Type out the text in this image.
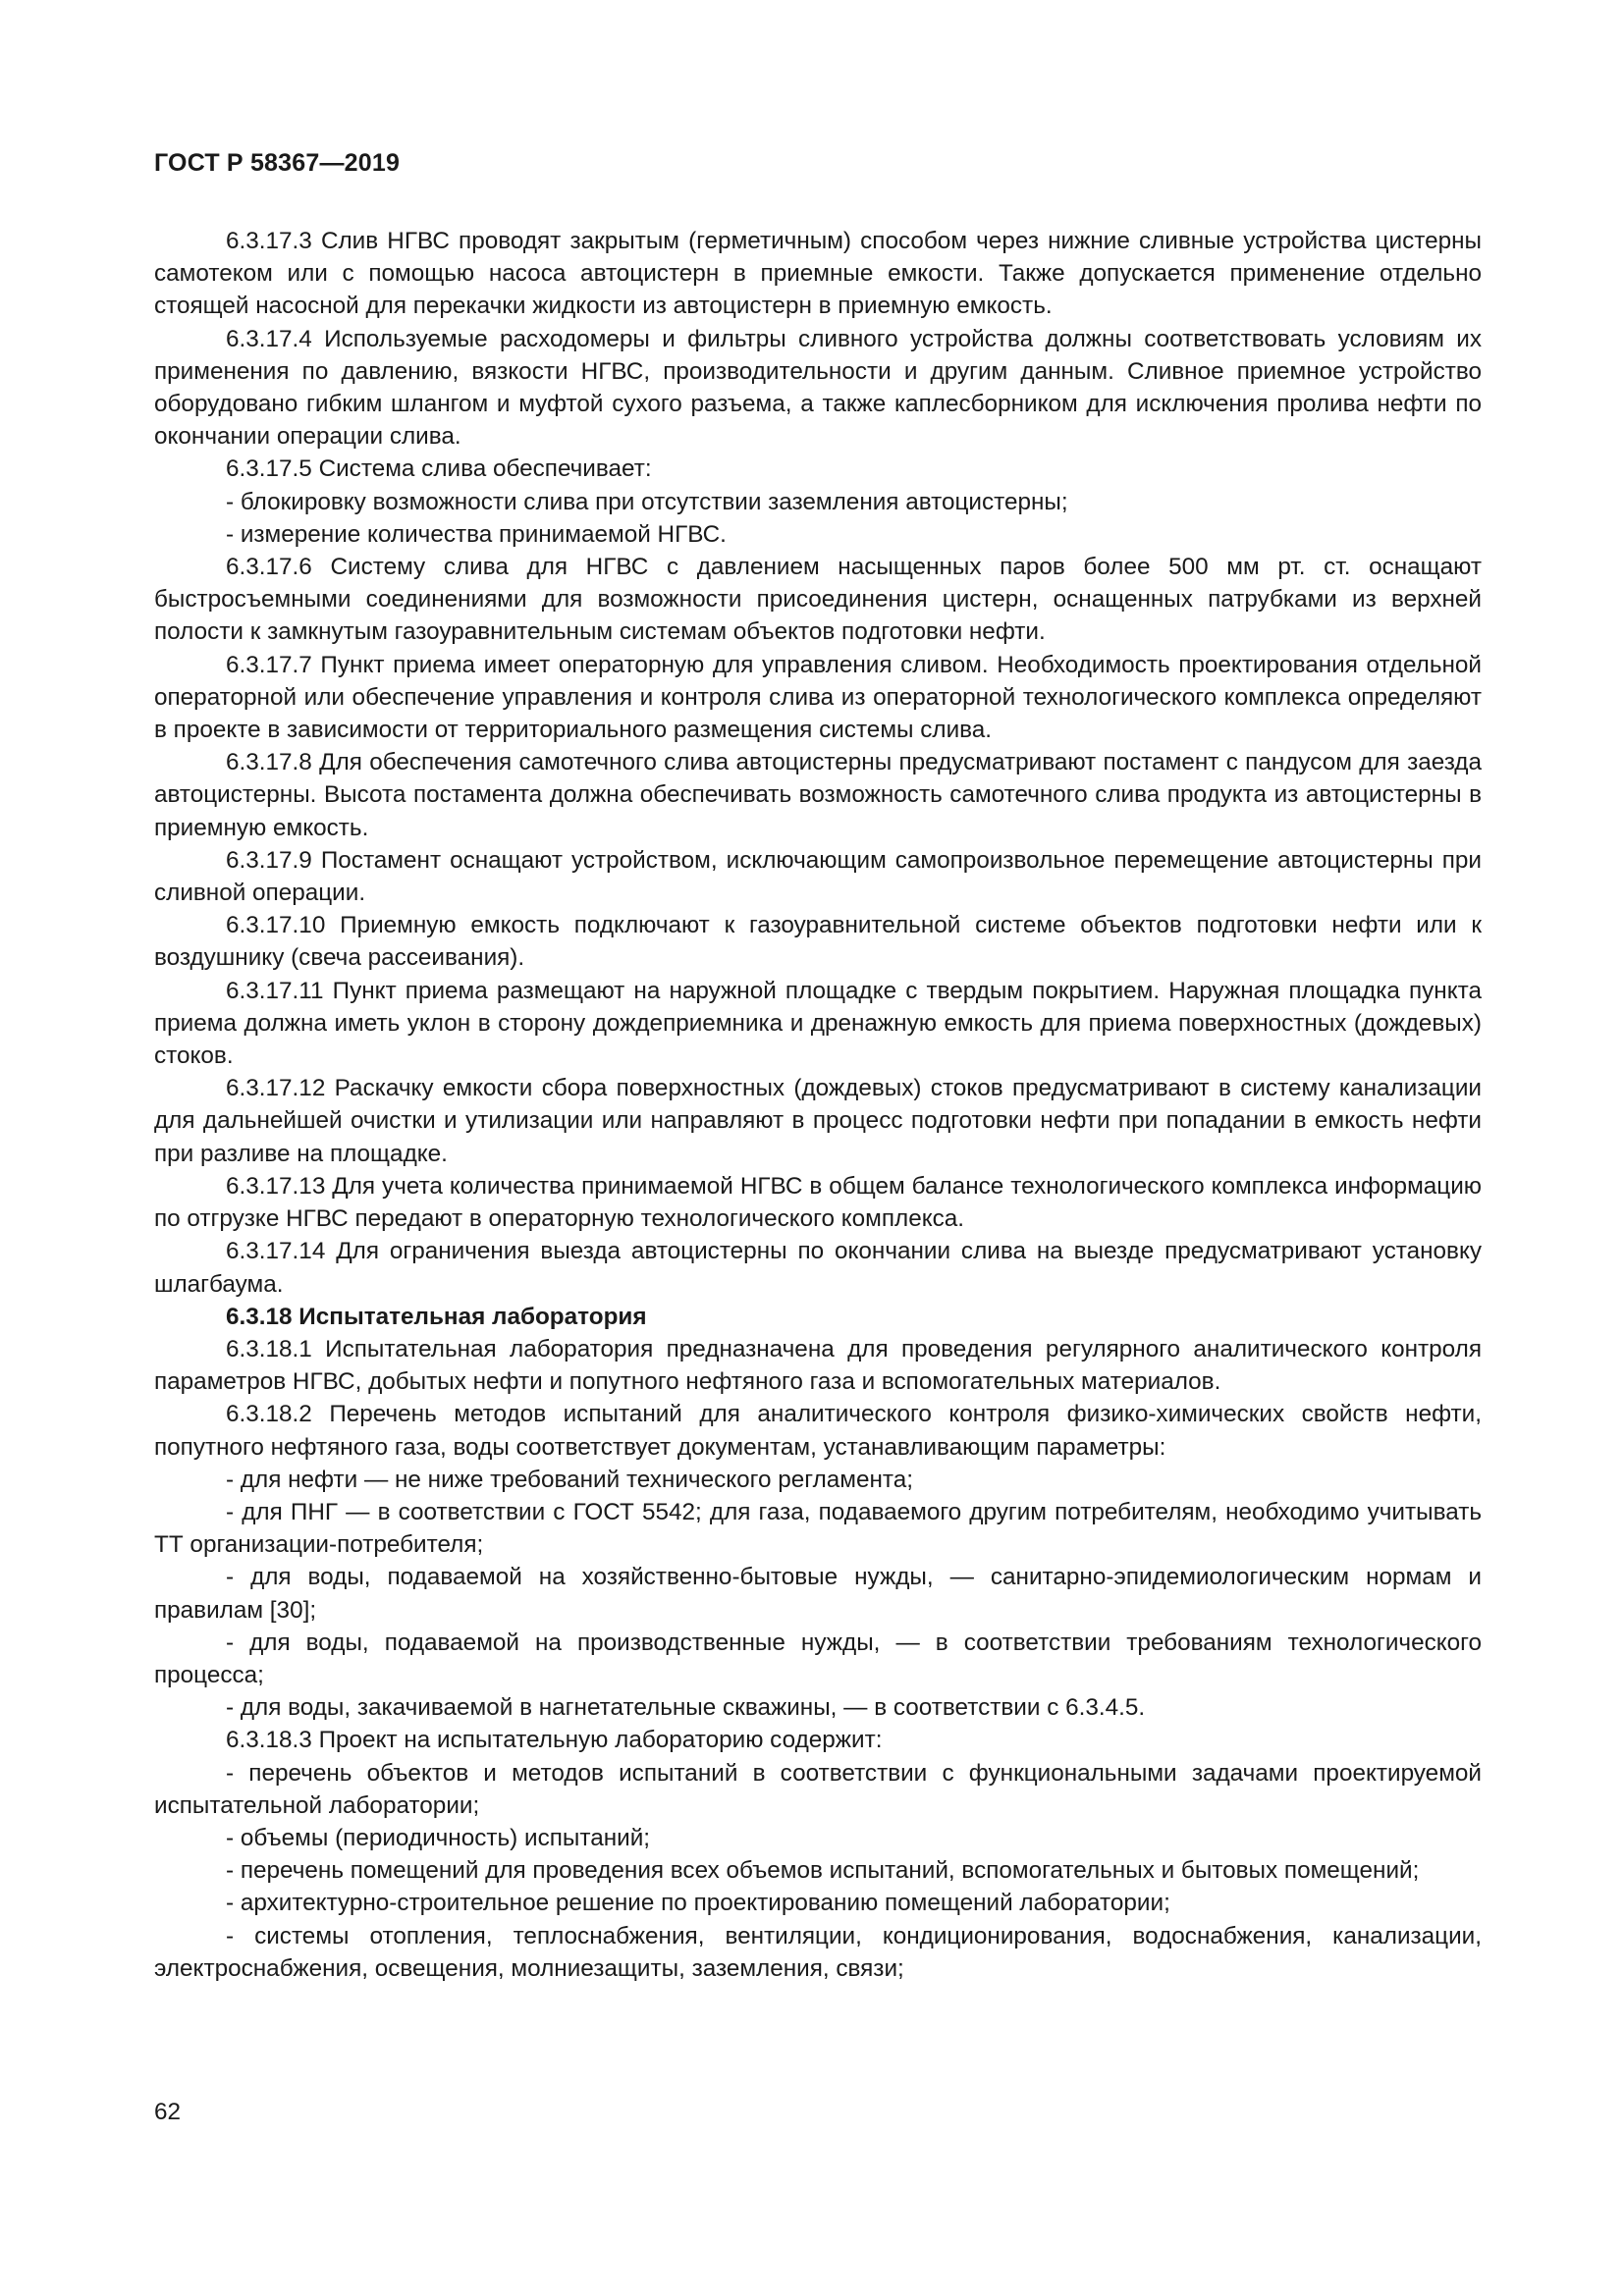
ГОСТ Р 58367—2019

6.3.17.3 Слив НГВС проводят закрытым (герметичным) способом через нижние сливные устройства цистерны самотеком или с помощью насоса автоцистерн в приемные емкости. Также допускается применение отдельно стоящей насосной для перекачки жидкости из автоцистерн в приемную емкость.

6.3.17.4 Используемые расходомеры и фильтры сливного устройства должны соответствовать условиям их применения по давлению, вязкости НГВС, производительности и другим данным. Сливное приемное устройство оборудовано гибким шлангом и муфтой сухого разъема, а также каплесборником для исключения пролива нефти по окончании операции слива.

6.3.17.5 Система слива обеспечивает:

- блокировку возможности слива при отсутствии заземления автоцистерны;

- измерение количества принимаемой НГВС.

6.3.17.6 Систему слива для НГВС с давлением насыщенных паров более 500 мм рт. ст. оснащают быстросъемными соединениями для возможности присоединения цистерн, оснащенных патрубками из верхней полости к замкнутым газоуравнительным системам объектов подготовки нефти.

6.3.17.7 Пункт приема имеет операторную для управления сливом. Необходимость проектирования отдельной операторной или обеспечение управления и контроля слива из операторной технологического комплекса определяют в проекте в зависимости от территориального размещения системы слива.

6.3.17.8 Для обеспечения самотечного слива автоцистерны предусматривают постамент с пандусом для заезда автоцистерны. Высота постамента должна обеспечивать возможность самотечного слива продукта из автоцистерны в приемную емкость.

6.3.17.9 Постамент оснащают устройством, исключающим самопроизвольное перемещение автоцистерны при сливной операции.

6.3.17.10 Приемную емкость подключают к газоуравнительной системе объектов подготовки нефти или к воздушнику (свеча рассеивания).

6.3.17.11 Пункт приема размещают на наружной площадке с твердым покрытием. Наружная площадка пункта приема должна иметь уклон в сторону дождеприемника и дренажную емкость для приема поверхностных (дождевых) стоков.

6.3.17.12 Раскачку емкости сбора поверхностных (дождевых) стоков предусматривают в систему канализации для дальнейшей очистки и утилизации или направляют в процесс подготовки нефти при попадании в емкость нефти при разливе на площадке.

6.3.17.13 Для учета количества принимаемой НГВС в общем балансе технологического комплекса информацию по отгрузке НГВС передают в операторную технологического комплекса.

6.3.17.14 Для ограничения выезда автоцистерны по окончании слива на выезде предусматривают установку шлагбаума.

6.3.18 Испытательная лаборатория

6.3.18.1 Испытательная лаборатория предназначена для проведения регулярного аналитического контроля параметров НГВС, добытых нефти и попутного нефтяного газа и вспомогательных материалов.

6.3.18.2 Перечень методов испытаний для аналитического контроля физико-химических свойств нефти, попутного нефтяного газа, воды соответствует документам, устанавливающим параметры:

- для нефти — не ниже требований технического регламента;

- для ПНГ — в соответствии с ГОСТ 5542; для газа, подаваемого другим потребителям, необходимо учитывать ТТ организации-потребителя;

- для воды, подаваемой на хозяйственно-бытовые нужды, — санитарно-эпидемиологическим нормам и правилам [30];

- для воды, подаваемой на производственные нужды, — в соответствии требованиям технологического процесса;

- для воды, закачиваемой в нагнетательные скважины, — в соответствии с 6.3.4.5.

6.3.18.3 Проект на испытательную лабораторию содержит:

- перечень объектов и методов испытаний в соответствии с функциональными задачами проектируемой испытательной лаборатории;

- объемы (периодичность) испытаний;

- перечень помещений для проведения всех объемов испытаний, вспомогательных и бытовых помещений;

- архитектурно-строительное решение по проектированию помещений лаборатории;

- системы отопления, теплоснабжения, вентиляции, кондиционирования, водоснабжения, канализации, электроснабжения, освещения, молниезащиты, заземления, связи;

62
